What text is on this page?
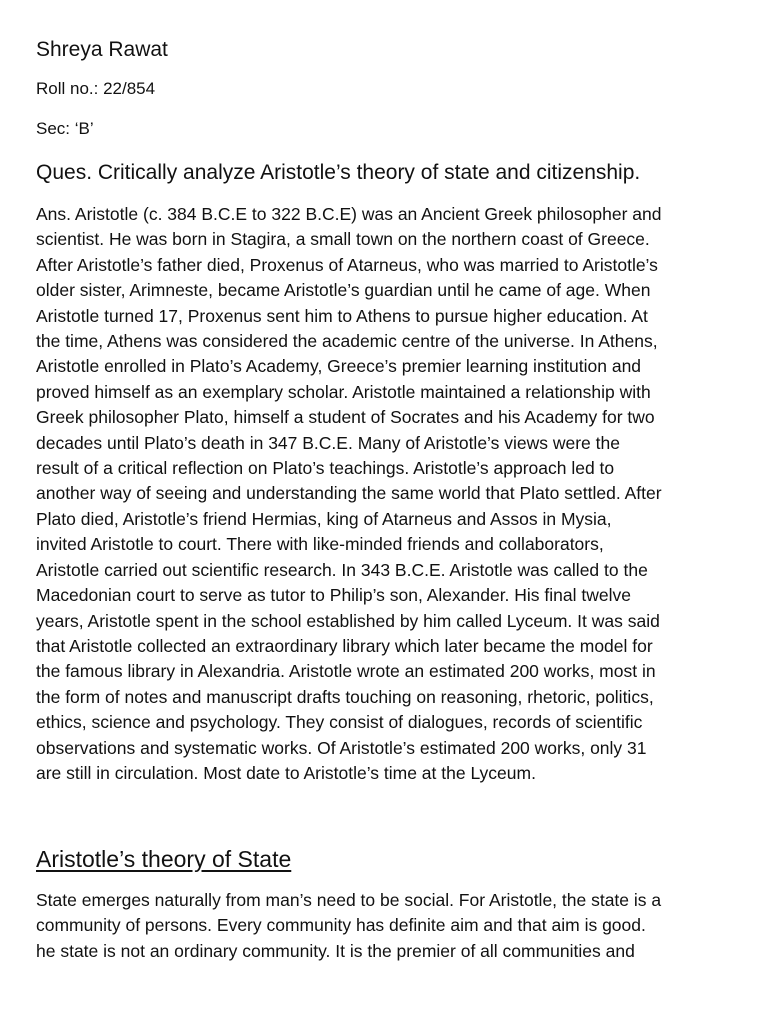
Shreya Rawat
Roll no.: 22/854
Sec: ‘B’
Ques. Critically analyze Aristotle’s theory of state and citizenship.
Ans. Aristotle (c. 384 B.C.E to 322 B.C.E) was an Ancient Greek philosopher and
scientist. He was born in Stagira, a small town on the northern coast of Greece.
After Aristotle’s father died, Proxenus of Atarneus, who was married to Aristotle’s
older sister, Arimneste, became Aristotle’s guardian until he came of age. When
Aristotle turned 17, Proxenus sent him to Athens to pursue higher education. At
the time, Athens was considered the academic centre of the universe. In Athens,
Aristotle enrolled in Plato’s Academy, Greece’s premier learning institution and
proved himself as an exemplary scholar. Aristotle maintained a relationship with
Greek philosopher Plato, himself a student of Socrates and his Academy for two
decades until Plato’s death in 347 B.C.E. Many of Aristotle’s views were the
result of a critical reflection on Plato’s teachings. Aristotle’s approach led to
another way of seeing and understanding the same world that Plato settled. After
Plato died, Aristotle’s friend Hermias, king of Atarneus and Assos in Mysia,
invited Aristotle to court. There with like-minded friends and collaborators,
Aristotle carried out scientific research. In 343 B.C.E. Aristotle was called to the
Macedonian court to serve as tutor to Philip’s son, Alexander. His final twelve
years, Aristotle spent in the school established by him called Lyceum. It was said
that Aristotle collected an extraordinary library which later became the model for
the famous library in Alexandria. Aristotle wrote an estimated 200 works, most in
the form of notes and manuscript drafts touching on reasoning, rhetoric, politics,
ethics, science and psychology. They consist of dialogues, records of scientific
observations and systematic works. Of Aristotle’s estimated 200 works, only 31
are still in circulation. Most date to Aristotle’s time at the Lyceum.
Aristotle’s theory of State
State emerges naturally from man’s need to be social. For Aristotle, the state is a
community of persons. Every community has definite aim and that aim is good.
he state is not an ordinary community. It is the premier of all communities and
